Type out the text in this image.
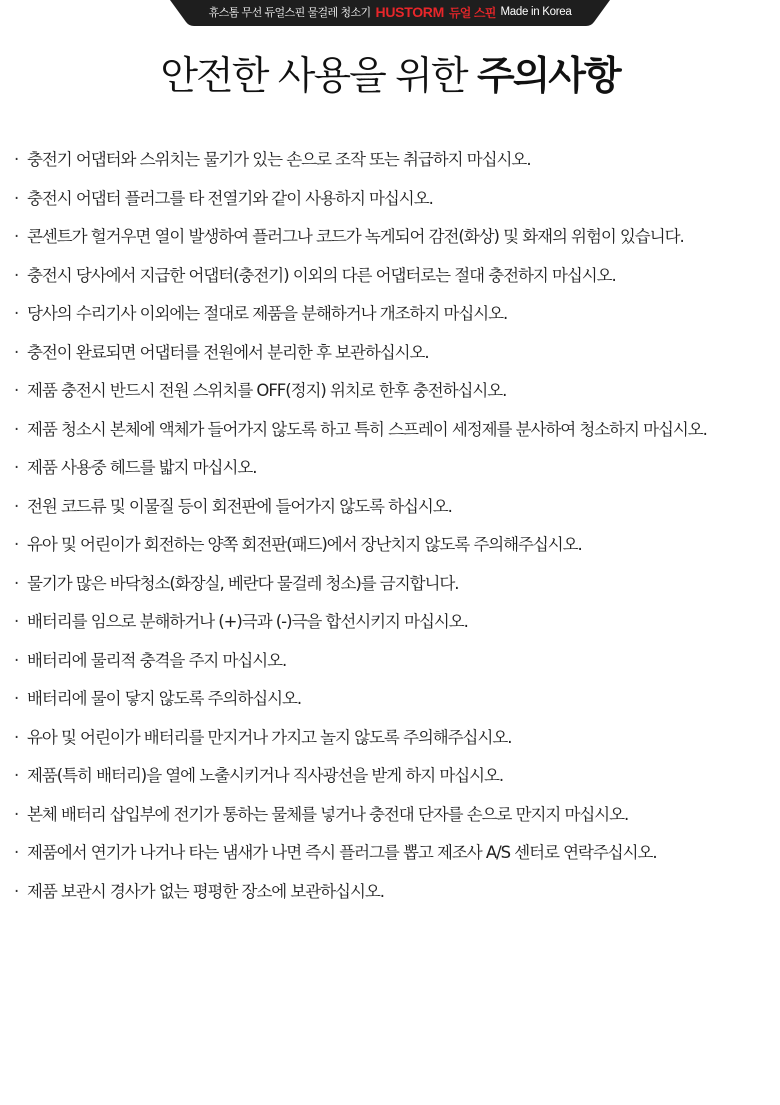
휴스톰 무선 듀얼스핀 물걸레 청소기 HUSTORM 듀얼 스핀 Made in Korea
안전한 사용을 위한 주의사항
· 충전기 어댑터와 스위치는 물기가 있는 손으로 조작 또는 취급하지 마십시오.
· 충전시 어댑터 플러그를 타 전열기와 같이 사용하지 마십시오.
· 콘센트가 헐거우면 열이 발생하여 플러그나 코드가 녹게되어 감전(화상) 및 화재의 위험이 있습니다.
· 충전시 당사에서 지급한 어댑터(충전기) 이외의 다른 어댑터로는 절대 충전하지 마십시오.
· 당사의 수리기사 이외에는 절대로 제품을 분해하거나 개조하지 마십시오.
· 충전이 완료되면 어댑터를 전원에서 분리한 후 보관하십시오.
· 제품 충전시 반드시 전원 스위치를 OFF(정지) 위치로 한후 충전하십시오.
· 제품 청소시 본체에 액체가 들어가지 않도록 하고 특히 스프레이 세정제를 분사하여 청소하지 마십시오.
· 제품 사용중 헤드를 밟지 마십시오.
· 전원 코드류 및 이물질 등이 회전판에 들어가지 않도록 하십시오.
· 유아 및 어린이가 회전하는 양쪽 회전판(패드)에서 장난치지 않도록 주의해주십시오.
· 물기가 많은 바닥청소(화장실, 베란다 물걸레 청소)를 금지합니다.
· 배터리를 임으로 분해하거나 (+)극과 (-)극을 합선시키지 마십시오.
· 배터리에 물리적 충격을 주지 마십시오.
· 배터리에 물이 닿지 않도록 주의하십시오.
· 유아 및 어린이가 배터리를 만지거나 가지고 놀지 않도록 주의해주십시오.
· 제품(특히 배터리)을 열에 노출시키거나 직사광선을 받게 하지 마십시오.
· 본체 배터리 삽입부에 전기가 통하는 물체를 넣거나 충전대 단자를 손으로 만지지 마십시오.
· 제품에서 연기가 나거나 타는 냄새가 나면 즉시 플러그를 뽑고 제조사 A/S 센터로 연락주십시오.
· 제품 보관시 경사가 없는 평평한 장소에 보관하십시오.
